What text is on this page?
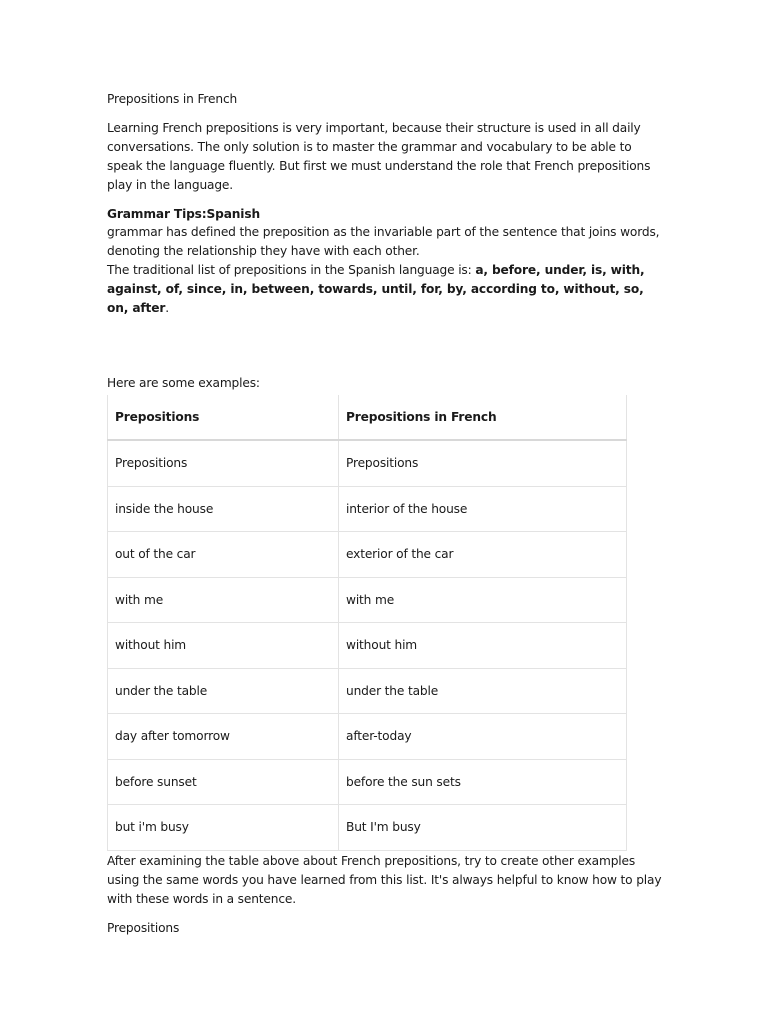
Prepositions in French

Learning French prepositions is very important, because their structure is used in all daily conversations. The only solution is to master the grammar and vocabulary to be able to speak the language fluently. But first we must understand the role that French prepositions play in the language.

Grammar Tips:Spanish

grammar has defined the preposition as the invariable part of the sentence that joins words, denoting the relationship they have with each other.

The traditional list of prepositions in the Spanish language is: a, before, under, is, with, against, of, since, in, between, towards, until, for, by, according to, without, so, on, after.

Here are some examples:

Prepositions	Prepositions in French
Prepositions	Prepositions
inside the house	interior of the house
out of the car	exterior of the car
with me	with me
without him	without him
under the table	under the table
day after tomorrow	after-today
before sunset	before the sun sets
but i'm busy	But I'm busy

After examining the table above about French prepositions, try to create other examples using the same words you have learned from this list. It's always helpful to know how to play with these words in a sentence.

Prepositions
